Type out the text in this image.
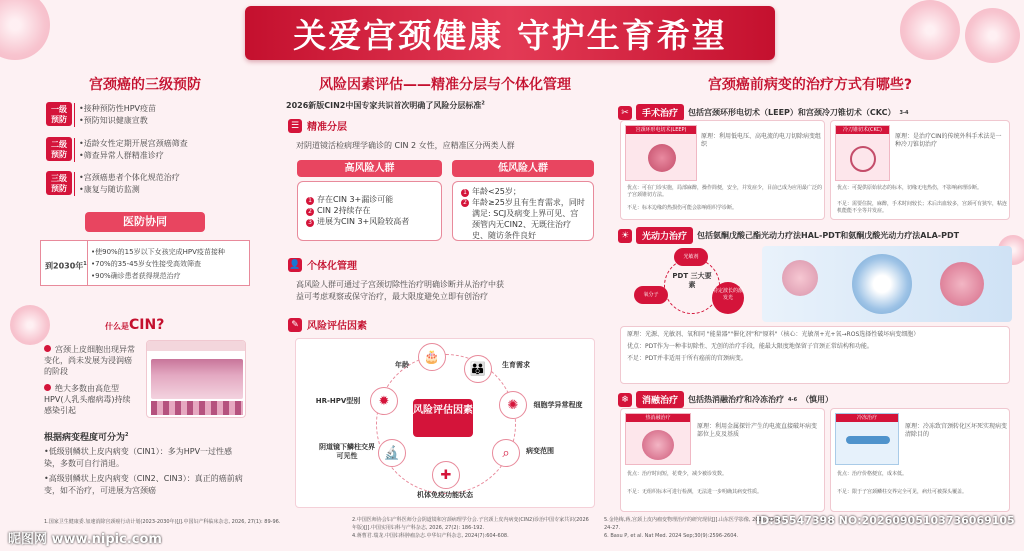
关爱宫颈健康 守护生育希望
宫颈癌的三级预防
一级预防
•接种预防性HPV疫苗
•预防知识健康宣教
二级预防
•适龄女性定期开展宫颈癌筛查
•筛查异常人群精准诊疗
三级预防
•宫颈癌患者个体化规范治疗
•康复与随访监测
医防协同
到2030年$^1$
•使90%的15岁以下女孩完成HPV疫苗接种
•70%的35-45岁女性接受高效筛查
•90%确诊患者获得规范治疗
什么是CIN?
宫颈上皮细胞出现异常变化，尚未发展为浸润癌的阶段
绝大多数由高危型HPV(人乳头瘤病毒)持续感染引起
根据病变程度可分为$^2$
•低级别鳞状上皮内病变（CIN1）：多为HPV一过性感染，多数可自行消退。
•高级别鳞状上皮内病变（CIN2、CIN3）：真正的癌前病变，如不治疗，可进展为宫颈癌
1.国家卫生健康委.加速消除宫颈癌行动计划(2023-2030年)[J].中国妇产科临床杂志, 2026, 27(1): 89-96.
风险因素评估——精准分层与个体化管理
2026新版CIN2中国专家共识首次明确了风险分层标准$^2$
☰ 精准分层
对阴道镜活检病理学确诊的 CIN 2 女性，应精准区分两类人群
高风险人群
1 存在CIN 3+漏诊可能
2 CIN 2持续存在
3 进展为CIN 3+风险较高者
低风险人群
1 年龄<25岁；
2 年龄≥25岁且有生育需求，同时满足: SCJ及病变上界可见、宫颈管内无CIN2、无既往治疗史、随访条件良好
👤 个体化管理
高风险人群可通过子宫颈切除性治疗明确诊断并从治疗中获益可考虑观察或保守治疗，最大限度避免立即有创治疗
✎ 风险评估因素
风险评估因素
🎂
年龄	👪	生育需求
✺	细胞学异常程度
⌕	病变范围
✚
机体免疫功能状态
🔬
阴道镜下鳞柱交界可见性
✹
HR-HPV型别
2.中国医师协会妇产科医师分会阴道镜和宫颈病理学分会.子宫颈上皮内病变(CIN2)诊治中国专家共识(2026年版)[J].中国实用妇科与产科杂志, 2026, 27(2): 186-192.
4.蒋曹君.瑞龙.中国妇科肿瘤杂志.中华妇产科杂志, 2024(7):604-608.
宫颈癌前病变的治疗方式有哪些?
✂	手术治疗	包括宫颈环形电切术（LEEP）和宫颈冷刀锥切术（CKC） 3-4
宫颈环形电切术(LEEP)
原理：利用低电压、高电流的电刀切除病变组织
优点：可在门诊实施，局部麻醉，操作简便，安全，并发症少，目前已成为应用最广泛的子宫颈锥切方法。
不足：标本边缘的热损伤可能会影响组织学诊断。
冷刀锥切术(CKC)
原理：是治疗CIN的传统外科手术法是一种冷刀锥切治疗
优点：可提供原始状态的标本，切缘无电热伤，不影响病理诊断。
不足：需要住院，麻醉，手术时间较长；术后出血较多，宫颈可有狭窄，粘连机能能不全等并发症。
☀	光动力治疗	包括氨酮戊酸己酯光动力疗法HAL-PDT和氨酮戊酸光动力疗法ALA-PDT
PDT 三大要素
光敏剂
特定波长的激发光
氧分子
原理：光源、光敏剂、氧和同 "能量器""催化剂"和"原料"（核心：光敏剂+光+氧→ROS选择性破坏病变细胞）
优点：PDT作为一种非切除性、无创的治疗手段，能最大限度地保留子宫颈正常结构和功能。
不足：PDT并非适用于所有癌前的宫颈病变。
❄	消融治疗	包括热消融治疗和冷冻治疗 4-6 （慎用）
热消融治疗
原理：利用金属探针产生的电流直接破坏病变部位上皮及基质
优点：治疗时间短，花费少，减少被诊发数。
不足：无组织标本可进行检测，无法进一步明确其病变性质。
冷冻治疗
原理：冷冻致宫颈转化区坏死实现病变清除目的
优点：治疗价格便宜，成本低。
不足：限于子宫颈鳞柱交界完全可见，病灶可被探头覆盖。
5.金艳梅,蒋,宫颈上皮内瘤变物理治疗的研究现状[J].山东医学影像, 2025, 25(3): 24-27.
6. Basu P, et al. Nat Med. 2024 Sep;30(9):2596-2604.
昵图网 www.nipic.com
ID:35547398 NO:20260905103736069105
